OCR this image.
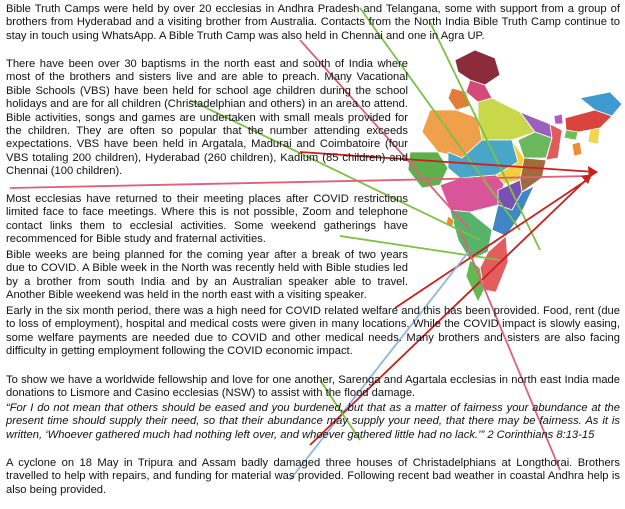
Bible Truth Camps were held by over 20 ecclesias in Andhra Pradesh and Telangana, some with support from a group of brothers from Hyderabad and a visiting brother from Australia. Contacts from the North India Bible Truth Camp continue to stay in touch using WhatsApp. A Bible Truth Camp was also held in Chennai and one in Agra UP.

There have been over 30 baptisms in the north east and south of India where most of the brothers and sisters live and are able to preach. Many Vacational Bible Schools (VBS) have been held for school age children during the school holidays and are for all children (Christadelphian and others) in an area to attend. Bible activities, songs and games are undertaken with small meals provided for the children. They are often so popular that the number attending exceeds expectations. VBS have been held in Argatala, Madurai and Coimbatoire (four VBS totaling 200 children), Hyderabad (260 children), Kadium (85 children) and Chennai (100 children).

Most ecclesias have returned to their meeting places after COVID restrictions limited face to face meetings. Where this is not possible, Zoom and telephone contact links them to ecclesial activities. Some weekend gatherings have recommenced for Bible study and fraternal activities.

Bible weeks are being planned for the coming year after a break of two years due to COVID. A Bible week in the North was recently held with Bible studies led by a brother from south India and by an Australian speaker able to travel. Another Bible weekend was held in the north east with a visiting speaker.

Early in the six month period, there was a high need for COVID related welfare and this has been provided. Food, rent (due to loss of employment), hospital and medical costs were given in many locations. While the COVID impact is slowly easing, some welfare payments are needed due to COVID and other medical needs. Many brothers and sisters are also facing difficulty in getting employment following the COVID economic impact.

To show we have a worldwide fellowship and love for one another, Sarenga and Agartala ecclesias in north east India made donations to Lismore and Casino ecclesias (NSW) to assist with the flood damage.

“For I do not mean that others should be eased and you burdened, but that as a matter of fairness your abundance at the present time should supply their need, so that their abundance may supply your need, that there may be fairness. As it is written, ‘Whoever gathered much had nothing left over, and whoever gathered little had no lack.’” 2 Corinthians 8:13-15

A cyclone on 18 May in Tripura and Assam badly damaged three houses of Christadelphians at Longthorai. Brothers travelled to help with repairs, and funding for material was provided. Following recent bad weather in coastal Andhra help is also being provided.
